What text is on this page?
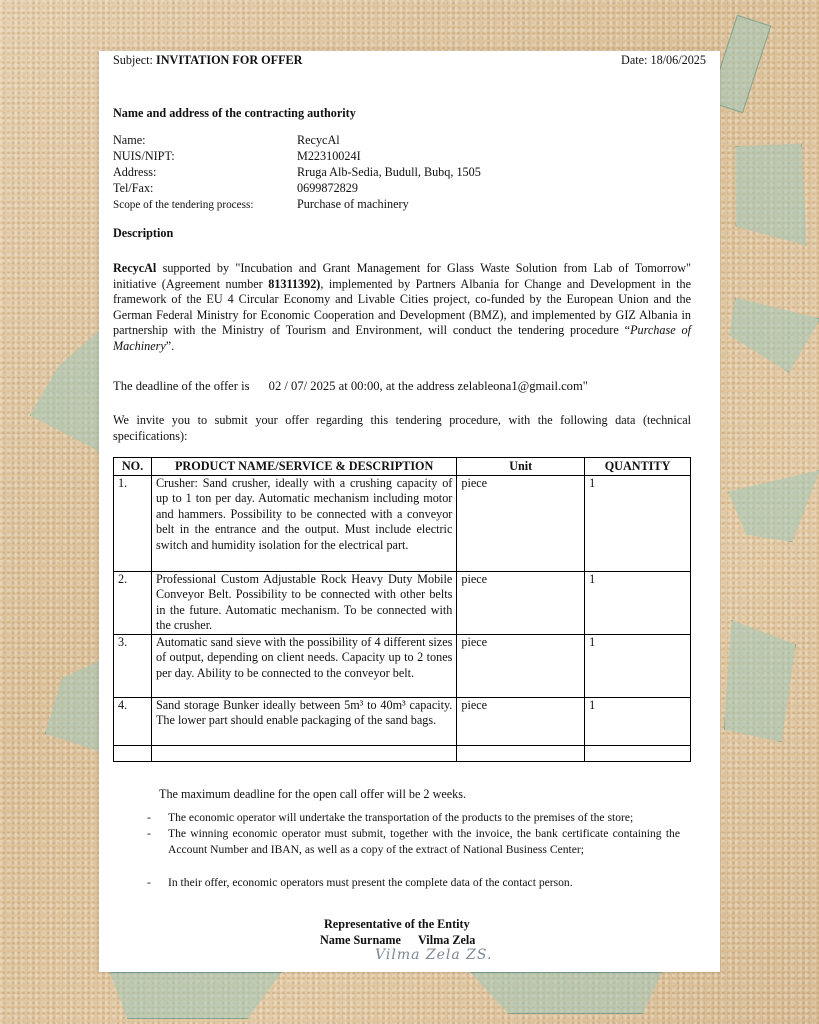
Subject: INVITATION FOR OFFER	Date: 18/06/2025
Name and address of the contracting authority
Name:	RecycAl
NUIS/NIPT:	M22310024I
Address:	Rruga Alb-Sedia, Budull, Bubq, 1505
Tel/Fax:	0699872829
Scope of the tendering process:	Purchase of machinery
Description
RecycAl supported by "Incubation and Grant Management for Glass Waste Solution from Lab of Tomorrow" initiative (Agreement number 81311392), implemented by Partners Albania for Change and Development in the framework of the EU 4 Circular Economy and Livable Cities project, co-funded by the European Union and the German Federal Ministry for Economic Cooperation and Development (BMZ), and implemented by GIZ Albania in partnership with the Ministry of Tourism and Environment, will conduct the tendering procedure “Purchase of Machinery”.
The deadline of the offer is 02 / 07/ 2025 at 00:00, at the address zelableona1@gmail.com"
We invite you to submit your offer regarding this tendering procedure, with the following data (technical specifications):
NO.	PRODUCT NAME/SERVICE & DESCRIPTION	Unit	QUANTITY
1.	Crusher: Sand crusher, ideally with a crushing capacity of up to 1 ton per day. Automatic mechanism including motor and hammers. Possibility to be connected with a conveyor belt in the entrance and the output. Must include electric switch and humidity isolation for the electrical part.	piece	1
2.	Professional Custom Adjustable Rock Heavy Duty Mobile Conveyor Belt. Possibility to be connected with other belts in the future. Automatic mechanism. To be connected with the crusher.	piece	1
3.	Automatic sand sieve with the possibility of 4 different sizes of output, depending on client needs. Capacity up to 2 tones per day. Ability to be connected to the conveyor belt.	piece	1
4.	Sand storage Bunker ideally between 5m³ to 40m³ capacity. The lower part should enable packaging of the sand bags.	piece	1

The maximum deadline for the open call offer will be 2 weeks.
- The economic operator will undertake the transportation of the products to the premises of the store;
- The winning economic operator must submit, together with the invoice, the bank certificate containing the Account Number and IBAN, as well as a copy of the extract of National Business Center;
- In their offer, economic operators must present the complete data of the contact person.
Representative of the Entity
Name Surname Vilma Zela
Vilma Zela ZS.
